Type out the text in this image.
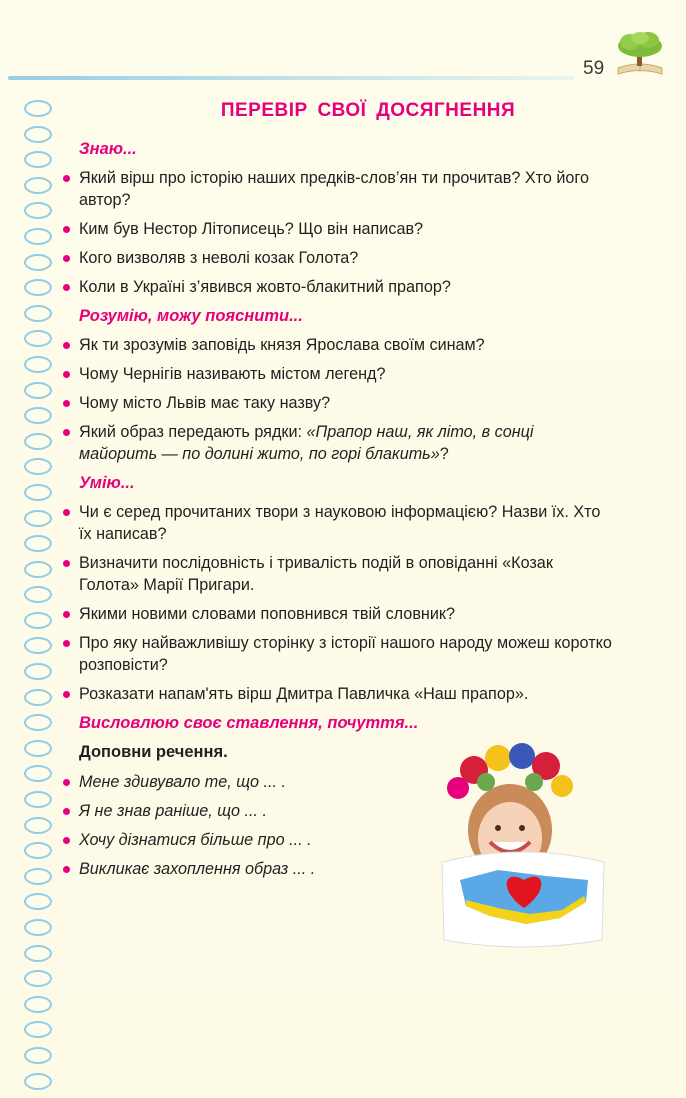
59
ПЕРЕВІР СВОЇ ДОСЯГНЕННЯ
Знаю...
Який вірш про історію наших предків-слов’ян ти прочитав? Хто його автор?
Ким був Нестор Літописець? Що він написав?
Кого визволяв з неволі козак Голота?
Коли в Україні з’явився жовто-блакитний прапор?
Розумію, можу пояснити...
Як ти зрозумів заповідь князя Ярослава своїм синам?
Чому Чернігів називають містом легенд?
Чому місто Львів має таку назву?
Який образ передають рядки: «Прапор наш, як літо, в сонці майорить — по долині жито, по горі блакить»?
Умію...
Чи є серед прочитаних твори з науковою інформацією? Назви їх. Хто їх написав?
Визначити послідовність і тривалість подій в оповіданні «Козак Голота» Марії Пригари.
Якими новими словами поповнився твій словник?
Про яку найважливішу сторінку з історії нашого народу можеш коротко розповісти?
Розказати напам'ять вірш Дмитра Павличка «Наш прапор».
Висловлюю своє ставлення, почуття...
Доповни речення.
Мене здивувало те, що ... .
Я не знав раніше, що ... .
Хочу дізнатися більше про ... .
Викликає захоплення образ ... .
